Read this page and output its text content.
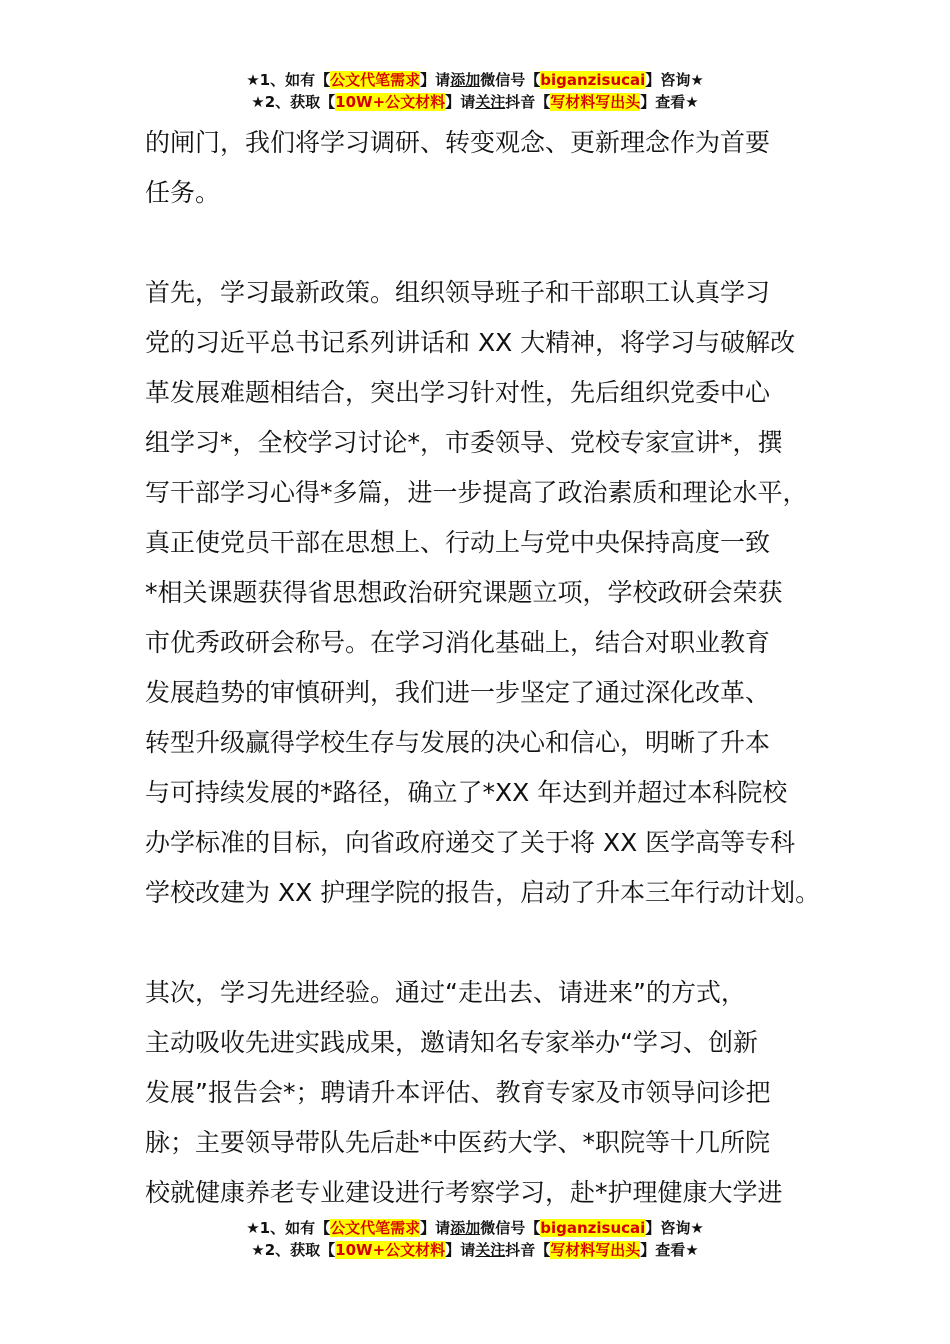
★1、如有【公文代笔需求】请添加微信号【biganzisucai】咨询★
★2、获取【10W+公文材料】请关注抖音【写材料写出头】查看★

的闸门，我们将学习调研、转变观念、更新理念作为首要

任务。

首先，学习最新政策。组织领导班子和干部职工认真学习

党的习近平总书记系列讲话和 XX 大精神，将学习与破解改

革发展难题相结合，突出学习针对性，先后组织党委中心

组学习*，全校学习讨论*，市委领导、党校专家宣讲*，撰

写干部学习心得*多篇，进一步提高了政治素质和理论水平，

真正使党员干部在思想上、行动上与党中央保持高度一致

*相关课题获得省思想政治研究课题立项，学校政研会荣获

市优秀政研会称号。在学习消化基础上，结合对职业教育

发展趋势的审慎研判，我们进一步坚定了通过深化改革、

转型升级赢得学校生存与发展的决心和信心，明晰了升本

与可持续发展的*路径，确立了*XX 年达到并超过本科院校

办学标准的目标，向省政府递交了关于将 XX 医学高等专科

学校改建为 XX 护理学院的报告，启动了升本三年行动计划。

其次，学习先进经验。通过“走出去、请进来”的方式，

主动吸收先进实践成果，邀请知名专家举办“学习、创新

发展”报告会*；聘请升本评估、教育专家及市领导问诊把

脉；主要领导带队先后赴*中医药大学、*职院等十几所院

校就健康养老专业建设进行考察学习，赴*护理健康大学进

★1、如有【公文代笔需求】请添加微信号【biganzisucai】咨询★
★2、获取【10W+公文材料】请关注抖音【写材料写出头】查看★
